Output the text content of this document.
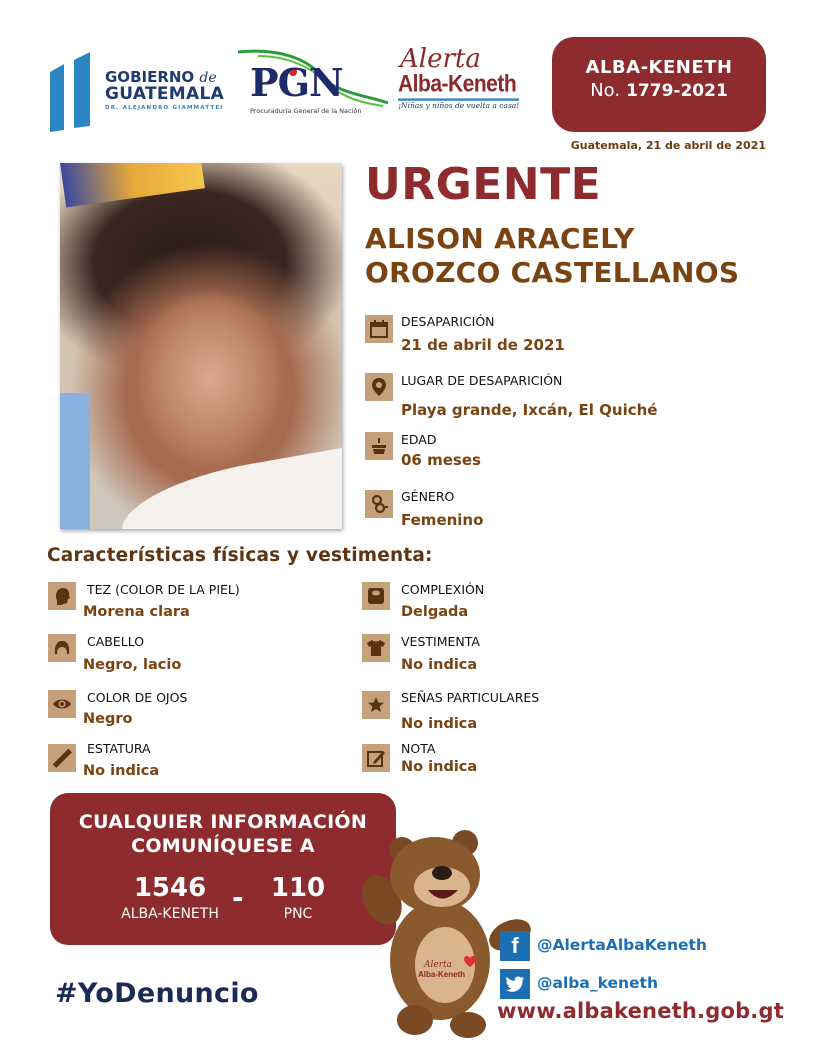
GOBIERNO de
GUATEMALA
DR. ALEJANDRO GIAMMATTEI
PGN
Procuraduría General de la Nación
Alerta
Alba-Keneth
¡Niñas y niños de vuelta a casa!
ALBA-KENETH
No. 1779-2021
Guatemala, 21 de abril de 2021
URGENTE
ALISON ARACELY
OROZCO CASTELLANOS
DESAPARICIÓN
21 de abril de 2021
LUGAR DE DESAPARICIÓN
Playa grande, Ixcán, El Quiché
EDAD
06 meses
GÉNERO
Femenino
Características físicas y vestimenta:
TEZ (COLOR DE LA PIEL)
Morena clara
CABELLO
Negro, lacio
COLOR DE OJOS
Negro
ESTATURA
No indica
COMPLEXIÓN
Delgada
VESTIMENTA
No indica
SEÑAS PARTICULARES
No indica
NOTA
No indica
CUALQUIER INFORMACIÓN
COMUNÍQUESE A
1546
ALBA-KENETH -	110
PNC
Alerta
Alba-Keneth
f @AlertaAlbaKeneth
@alba_keneth
www.albakeneth.gob.gt
#YoDenuncio
